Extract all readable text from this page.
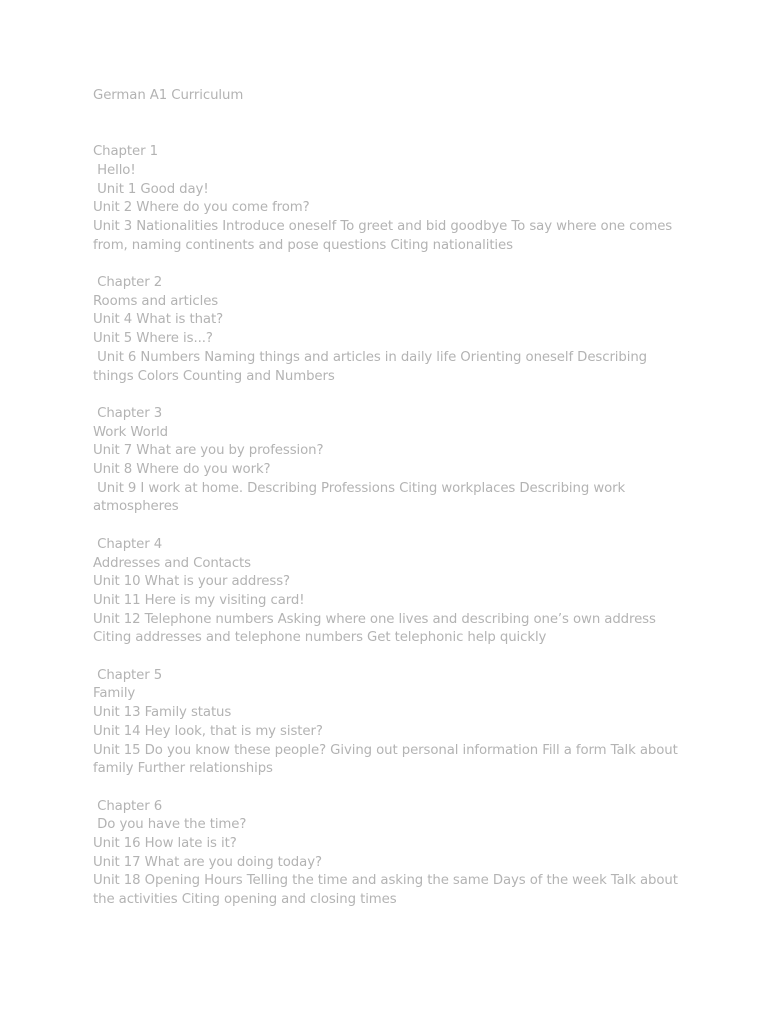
German A1 Curriculum
Chapter 1
Hello!
Unit 1 Good day!
Unit 2 Where do you come from?
Unit 3 Nationalities Introduce oneself To greet and bid goodbye To say where one comes from, naming continents and pose questions Citing nationalities
Chapter 2
Rooms and articles
Unit 4 What is that?
Unit 5 Where is...?
Unit 6 Numbers Naming things and articles in daily life Orienting oneself Describing things Colors Counting and Numbers
Chapter 3
Work World
Unit 7 What are you by profession?
Unit 8 Where do you work?
Unit 9 I work at home. Describing Professions Citing workplaces Describing work atmospheres
Chapter 4
Addresses and Contacts
Unit 10 What is your address?
Unit 11 Here is my visiting card!
Unit 12 Telephone numbers Asking where one lives and describing one’s own address Citing addresses and telephone numbers Get telephonic help quickly
Chapter 5
Family
Unit 13 Family status
Unit 14 Hey look, that is my sister?
Unit 15 Do you know these people? Giving out personal information Fill a form Talk about family Further relationships
Chapter 6
Do you have the time?
Unit 16 How late is it?
Unit 17 What are you doing today?
Unit 18 Opening Hours Telling the time and asking the same Days of the week Talk about the activities Citing opening and closing times
